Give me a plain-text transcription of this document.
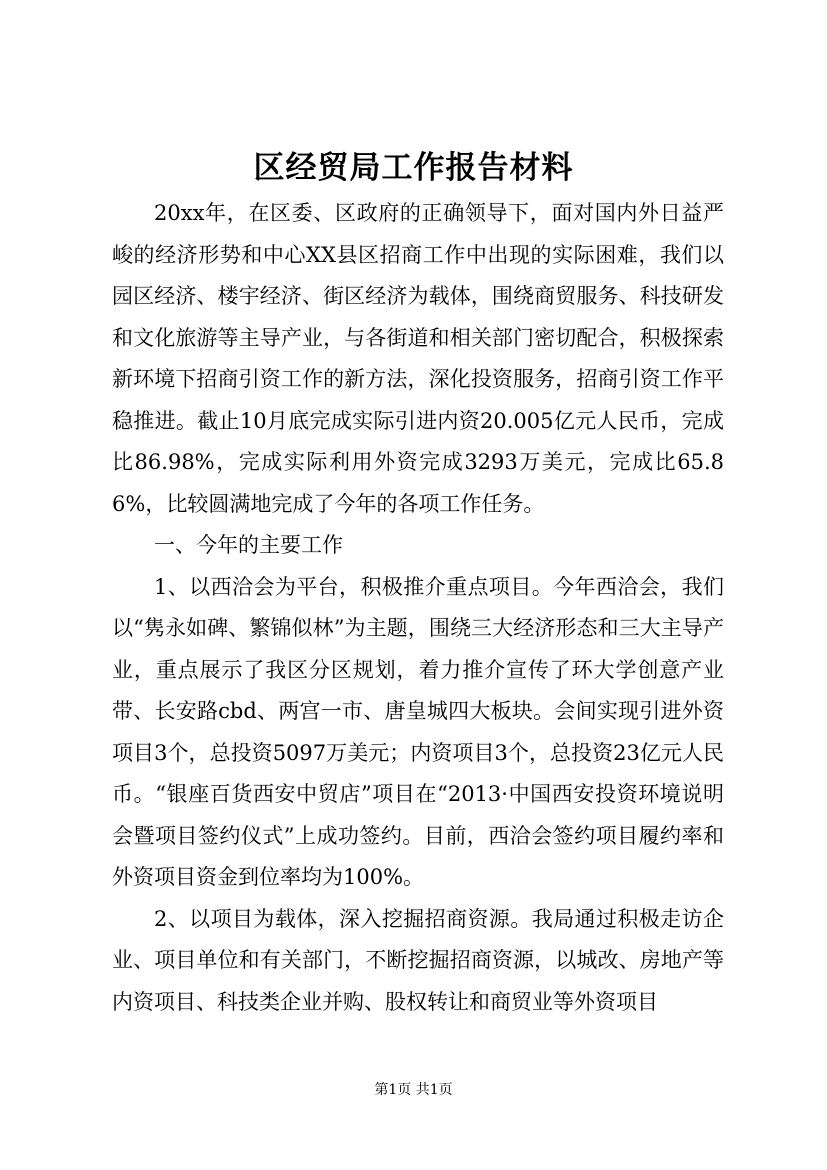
区经贸局工作报告材料

20xx年，在区委、区政府的正确领导下，面对国内外日益严峻的经济形势和中心XX县区招商工作中出现的实际困难，我们以园区经济、楼宇经济、街区经济为载体，围绕商贸服务、科技研发和文化旅游等主导产业，与各街道和相关部门密切配合，积极探索新环境下招商引资工作的新方法，深化投资服务，招商引资工作平稳推进。截止10月底完成实际引进内资20.005亿元人民币，完成比86.98%，完成实际利用外资完成3293万美元，完成比65.86%，比较圆满地完成了今年的各项工作任务。

一、今年的主要工作

1、以西洽会为平台，积极推介重点项目。今年西洽会，我们以“隽永如碑、繁锦似林”为主题，围绕三大经济形态和三大主导产业，重点展示了我区分区规划，着力推介宣传了环大学创意产业带、长安路cbd、两宫一市、唐皇城四大板块。会间实现引进外资项目3个，总投资5097万美元；内资项目3个，总投资23亿元人民币。“银座百货西安中贸店”项目在“2013·中国西安投资环境说明会暨项目签约仪式”上成功签约。目前，西洽会签约项目履约率和外资项目资金到位率均为100%。

2、以项目为载体，深入挖掘招商资源。我局通过积极走访企业、项目单位和有关部门，不断挖掘招商资源，以城改、房地产等内资项目、科技类企业并购、股权转让和商贸业等外资项目

第1页 共1页
